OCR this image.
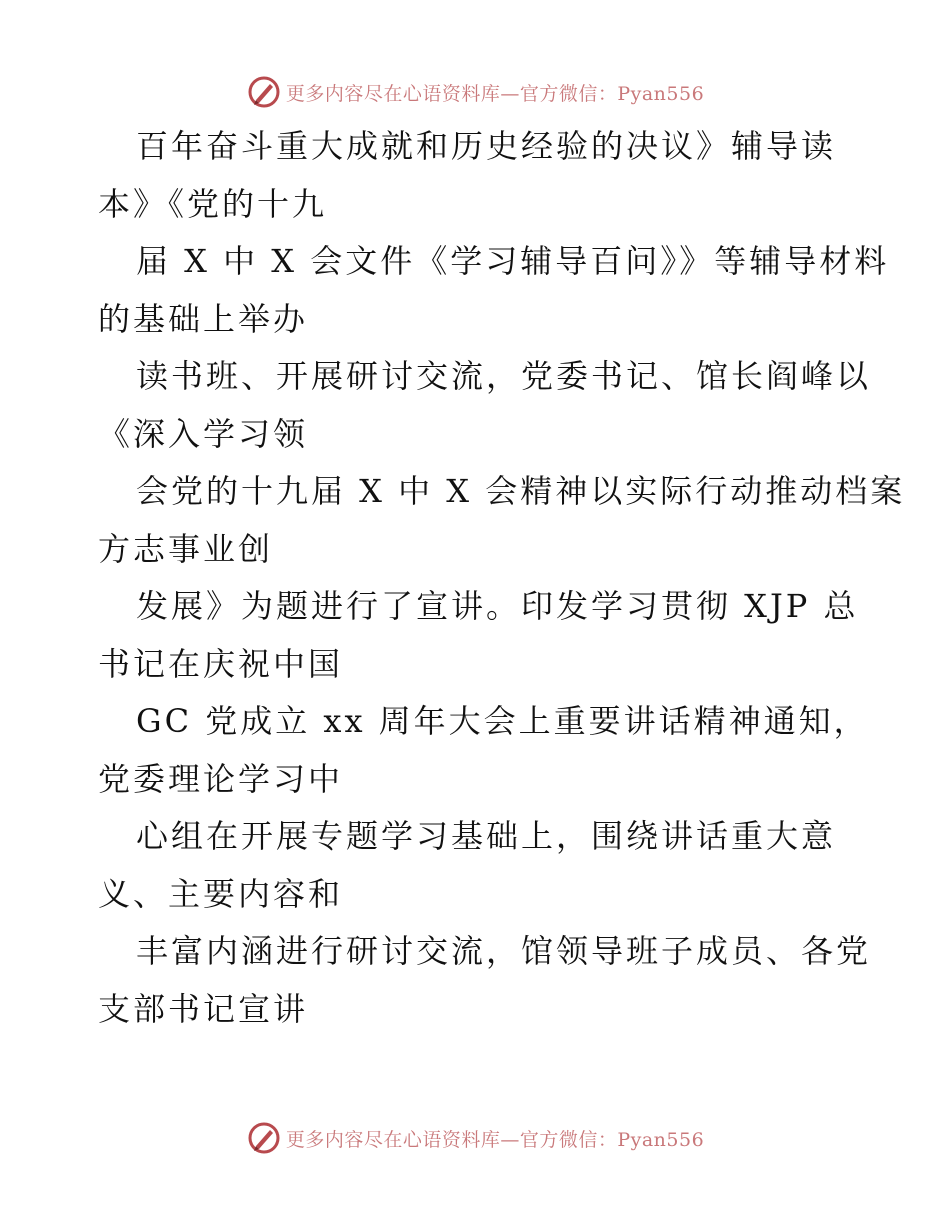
更多内容尽在心语资料库—官方微信：Pyan556
百年奋斗重大成就和历史经验的决议》辅导读
本》《党的十九
届 X 中 X 会文件《学习辅导百问》》等辅导材料
的基础上举办
读书班、开展研讨交流，党委书记、馆长阎峰以
《深入学习领
会党的十九届 X 中 X 会精神以实际行动推动档案
方志事业创
发展》为题进行了宣讲。印发学习贯彻 XJP 总
书记在庆祝中国
GC 党成立 xx 周年大会上重要讲话精神通知，
党委理论学习中
心组在开展专题学习基础上，围绕讲话重大意
义、主要内容和
丰富内涵进行研讨交流，馆领导班子成员、各党
支部书记宣讲
更多内容尽在心语资料库—官方微信：Pyan556
